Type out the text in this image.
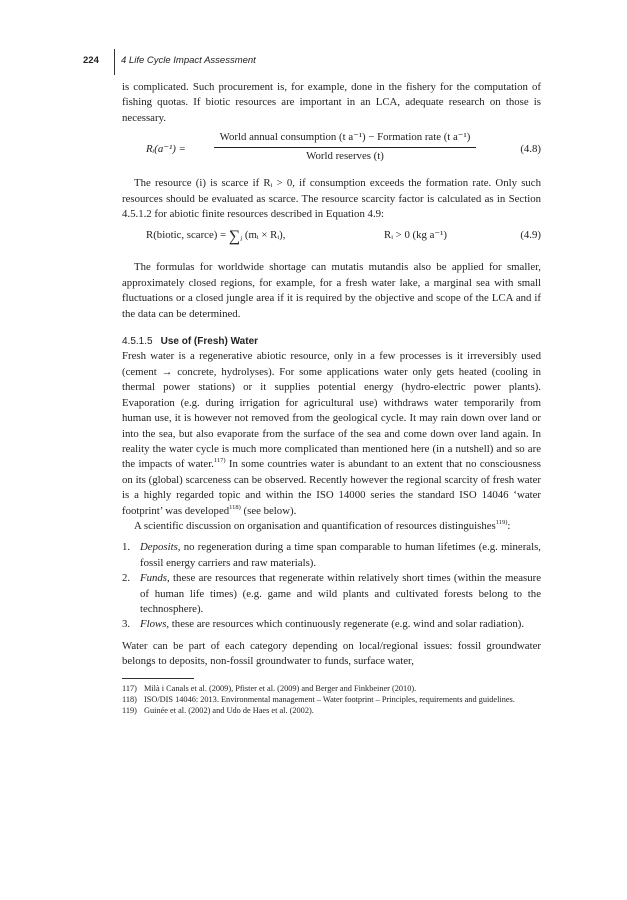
224 4 Life Cycle Impact Assessment

is complicated. Such procurement is, for example, done in the fishery for the computation of fishing quotas. If biotic resources are important in an LCA, adequate research on those is necessary.

Rᵢ(a⁻¹) =
World annual consumption (t a⁻¹) − Formation rate (t a⁻¹)
World reserves (t)
(4.8)

The resource (i) is scarce if Rᵢ > 0, if consumption exceeds the formation rate. Only such resources should be evaluated as scarce. The resource scarcity factor is calculated as in Section 4.5.1.2 for abiotic finite resources described in Equation 4.9:

R(biotic, scarce) = $\sum_i$ (mᵢ × Rᵢ),	Rᵢ > 0 (kg a⁻¹)	(4.9)

The formulas for worldwide shortage can mutatis mutandis also be applied for smaller, approximately closed regions, for example, for a fresh water lake, a marginal sea with small fluctuations or a closed jungle area if it is required by the objective and scope of the LCA and if the data can be determined.

4.5.1.5 Use of (Fresh) Water

Fresh water is a regenerative abiotic resource, only in a few processes is it irreversibly used (cement → concrete, hydrolyses). For some applications water only gets heated (cooling in thermal power stations) or it supplies potential energy (hydro-electric power plants). Evaporation (e.g. during irrigation for agricultural use) withdraws water temporarily from human use, it is however not removed from the geological cycle. It may rain down over land or into the sea, but also evaporate from the surface of the sea and come down over land again. In reality the water cycle is much more complicated than mentioned here (in a nutshell) and so are the impacts of water.$^{117)}$ In some countries water is abundant to an extent that no consciousness on its (global) scarceness can be observed. Recently however the regional scarcity of fresh water is a highly regarded topic and within the ISO 14000 series the standard ISO 14046 ‘water footprint’ was developed$^{118)}$ (see below).

A scientific discussion on organisation and quantification of resources distinguishes$^{119)}$:

1. Deposits, no regeneration during a time span comparable to human lifetimes (e.g. minerals, fossil energy carriers and raw materials).
2. Funds, these are resources that regenerate within relatively short times (within the measure of human life times) (e.g. game and wild plants and cultivated forests belong to the technosphere).
3. Flows, these are resources which continuously regenerate (e.g. wind and solar radiation).

Water can be part of each category depending on local/regional issues: fossil groundwater belongs to deposits, non-fossil groundwater to funds, surface water,

117) Milà i Canals et al. (2009), Pfister et al. (2009) and Berger and Finkbeiner (2010).
118) ISO/DIS 14046: 2013. Environmental management – Water footprint – Principles, requirements and guidelines.
119) Guinée et al. (2002) and Udo de Haes et al. (2002).
